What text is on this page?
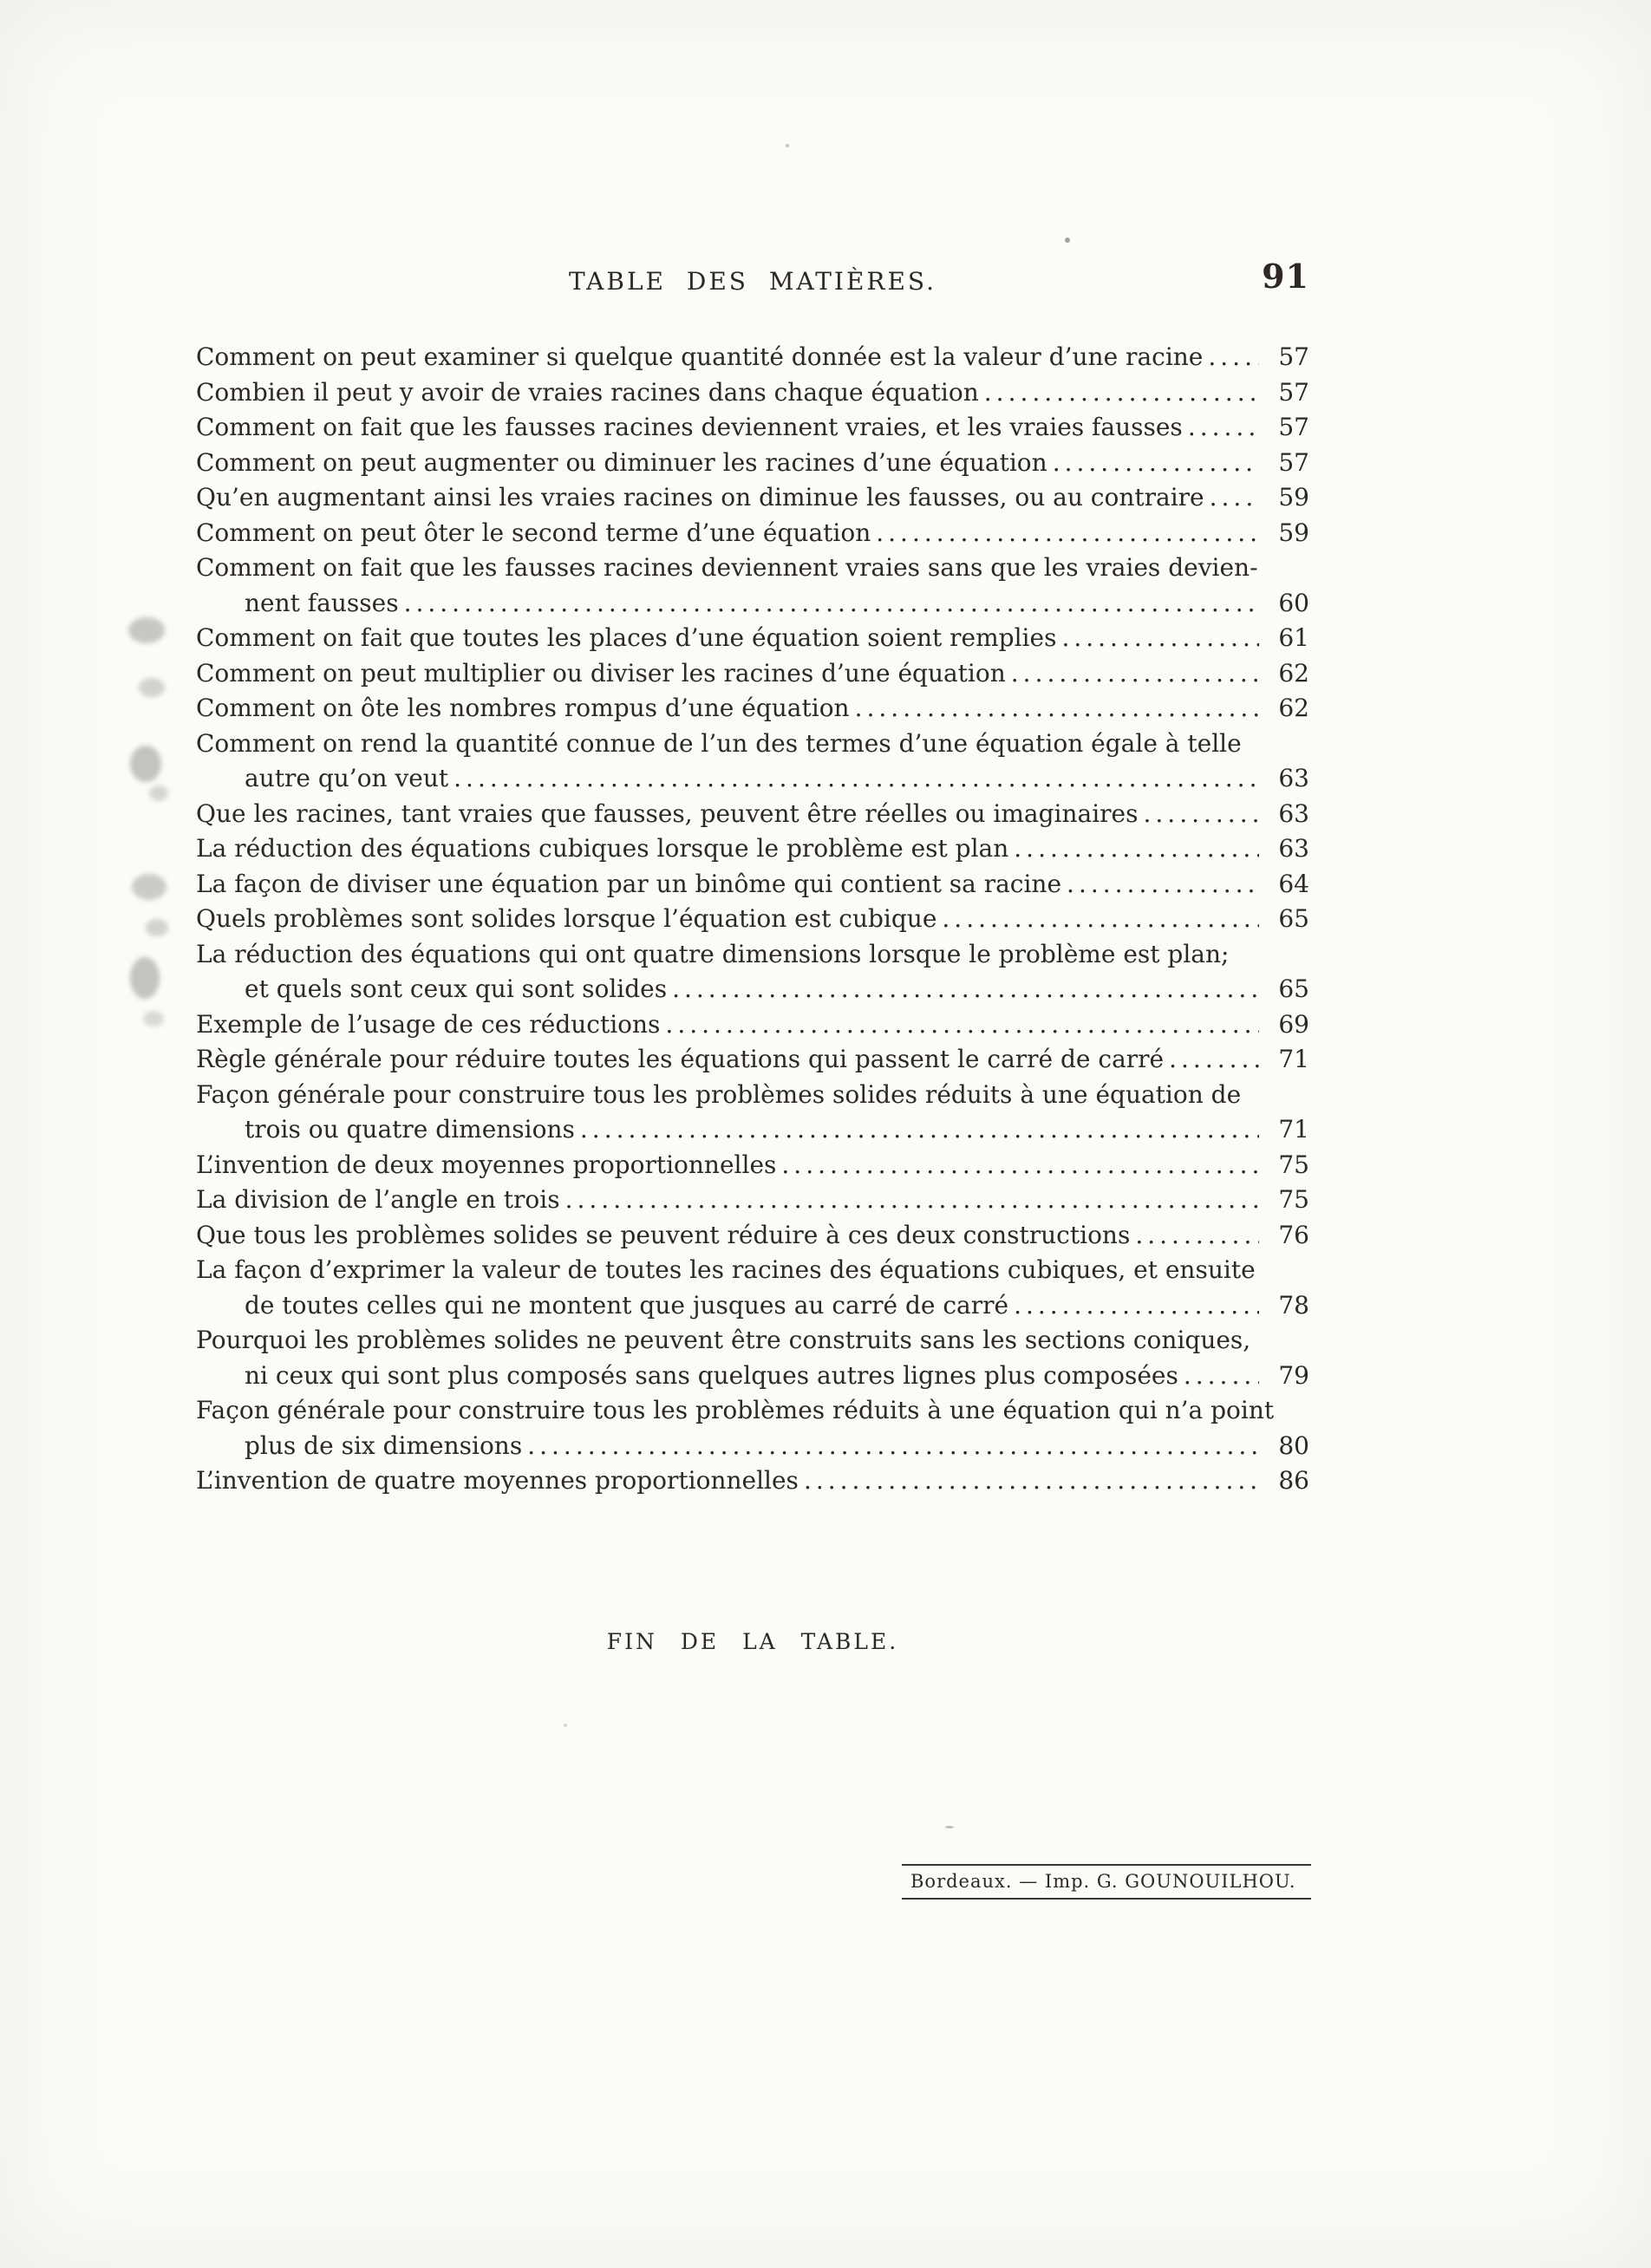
TABLE DES MATIÈRES.	91
Comment on peut examiner si quelque quantité donnée est la valeur d’une racine .....	57
Combien il peut y avoir de vraies racines dans chaque équation .....	57
Comment on fait que les fausses racines deviennent vraies, et les vraies fausses .....	57
Comment on peut augmenter ou diminuer les racines d’une équation .....	57
Qu’en augmentant ainsi les vraies racines on diminue les fausses, ou au contraire .....	59
Comment on peut ôter le second terme d’une équation .....	59
Comment on fait que les fausses racines deviennent vraies sans que les vraies devien-
nent fausses .....	60
Comment on fait que toutes les places d’une équation soient remplies .....	61
Comment on peut multiplier ou diviser les racines d’une équation .....	62
Comment on ôte les nombres rompus d’une équation .....	62
Comment on rend la quantité connue de l’un des termes d’une équation égale à telle
autre qu’on veut .....	63
Que les racines, tant vraies que fausses, peuvent être réelles ou imaginaires .....	63
La réduction des équations cubiques lorsque le problème est plan .....	63
La façon de diviser une équation par un binôme qui contient sa racine .....	64
Quels problèmes sont solides lorsque l’équation est cubique .....	65
La réduction des équations qui ont quatre dimensions lorsque le problème est plan;
et quels sont ceux qui sont solides .....	65
Exemple de l’usage de ces réductions .....	69
Règle générale pour réduire toutes les équations qui passent le carré de carré .....	71
Façon générale pour construire tous les problèmes solides réduits à une équation de
trois ou quatre dimensions .....	71
L’invention de deux moyennes proportionnelles .....	75
La division de l’angle en trois .....	75
Que tous les problèmes solides se peuvent réduire à ces deux constructions .....	76
La façon d’exprimer la valeur de toutes les racines des équations cubiques, et ensuite
de toutes celles qui ne montent que jusques au carré de carré .....	78
Pourquoi les problèmes solides ne peuvent être construits sans les sections coniques,
ni ceux qui sont plus composés sans quelques autres lignes plus composées .....	79
Façon générale pour construire tous les problèmes réduits à une équation qui n’a point
plus de six dimensions .....	80
L’invention de quatre moyennes proportionnelles .....	86
FIN DE LA TABLE.
Bordeaux. — Imp. G. GOUNOUILHOU.
